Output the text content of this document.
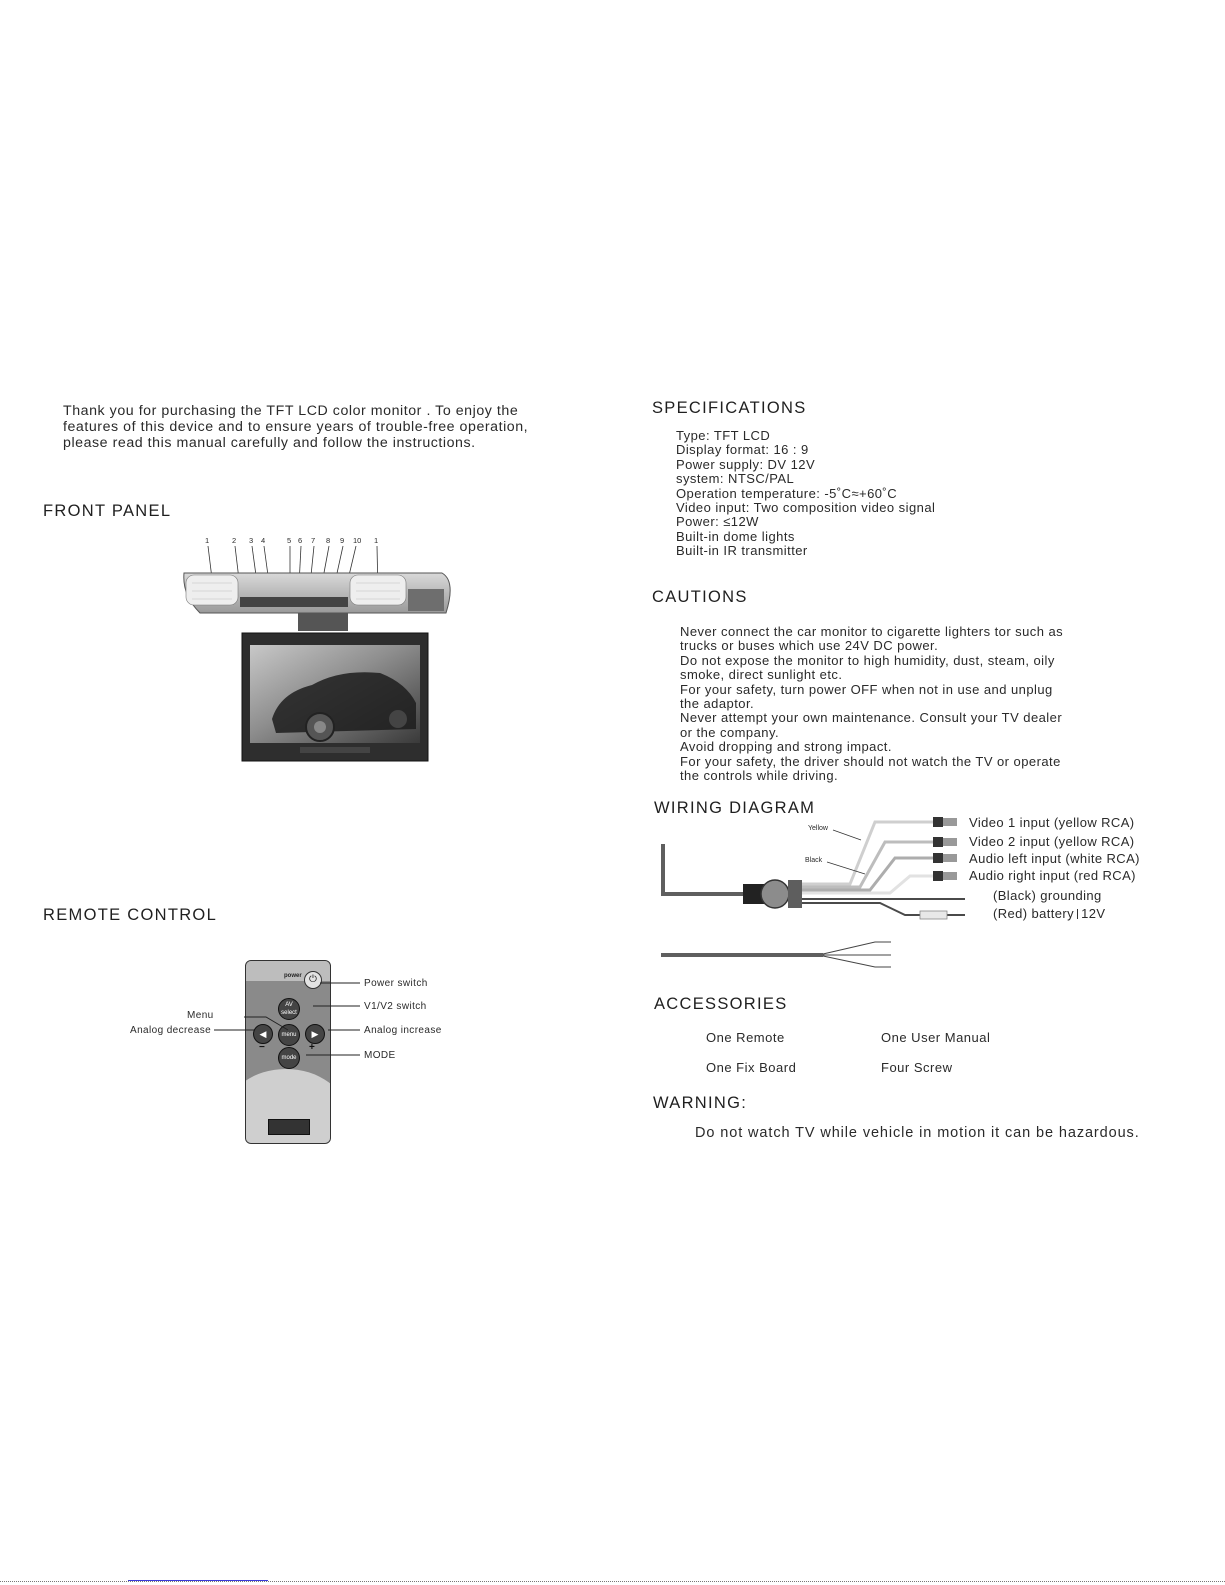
Thank you for purchasing the TFT LCD color monitor . To enjoy the
features of this device and to ensure years of trouble-free operation,
please read this manual carefully and follow the instructions.
FRONT PANEL
1	2 3 4	5 6 7 8 9 10 1
REMOTE CONTROL
power ⏻
AV
select
◀	menu	▶
−	+
mode
Power switch
V1/V2 switch
Menu
Analog decrease	Analog increase
MODE
SPECIFICATIONS
Type: TFT LCD
Display format: 16 : 9
Power supply: DV 12V
system: NTSC/PAL
Operation temperature: -5˚C≈+60˚C
Video input: Two composition video signal
Power: ≤12W
Built-in dome lights
Built-in IR transmitter
CAUTIONS
Never connect the car monitor to cigarette lighters tor such as
trucks or buses which use 24V DC power.
Do not expose the monitor to high humidity, dust, steam, oily
smoke, direct sunlight etc.
For your safety, turn power OFF when not in use and unplug
the adaptor.
Never attempt your own maintenance. Consult your TV dealer
or the company.
Avoid dropping and strong impact.
For your safety, the driver should not watch the TV or operate
the controls while driving.
WIRING DIAGRAM
Yellow
Black
Video 1 input (yellow RCA)
Video 2 input (yellow RCA)
Audio left input (white RCA)
Audio right input (red RCA)
(Black) grounding
(Red) battery 12V
ACCESSORIES
One Remote	One User Manual
One Fix Board	Four Screw
WARNING:
Do not watch TV while vehicle in motion it can be hazardous.
